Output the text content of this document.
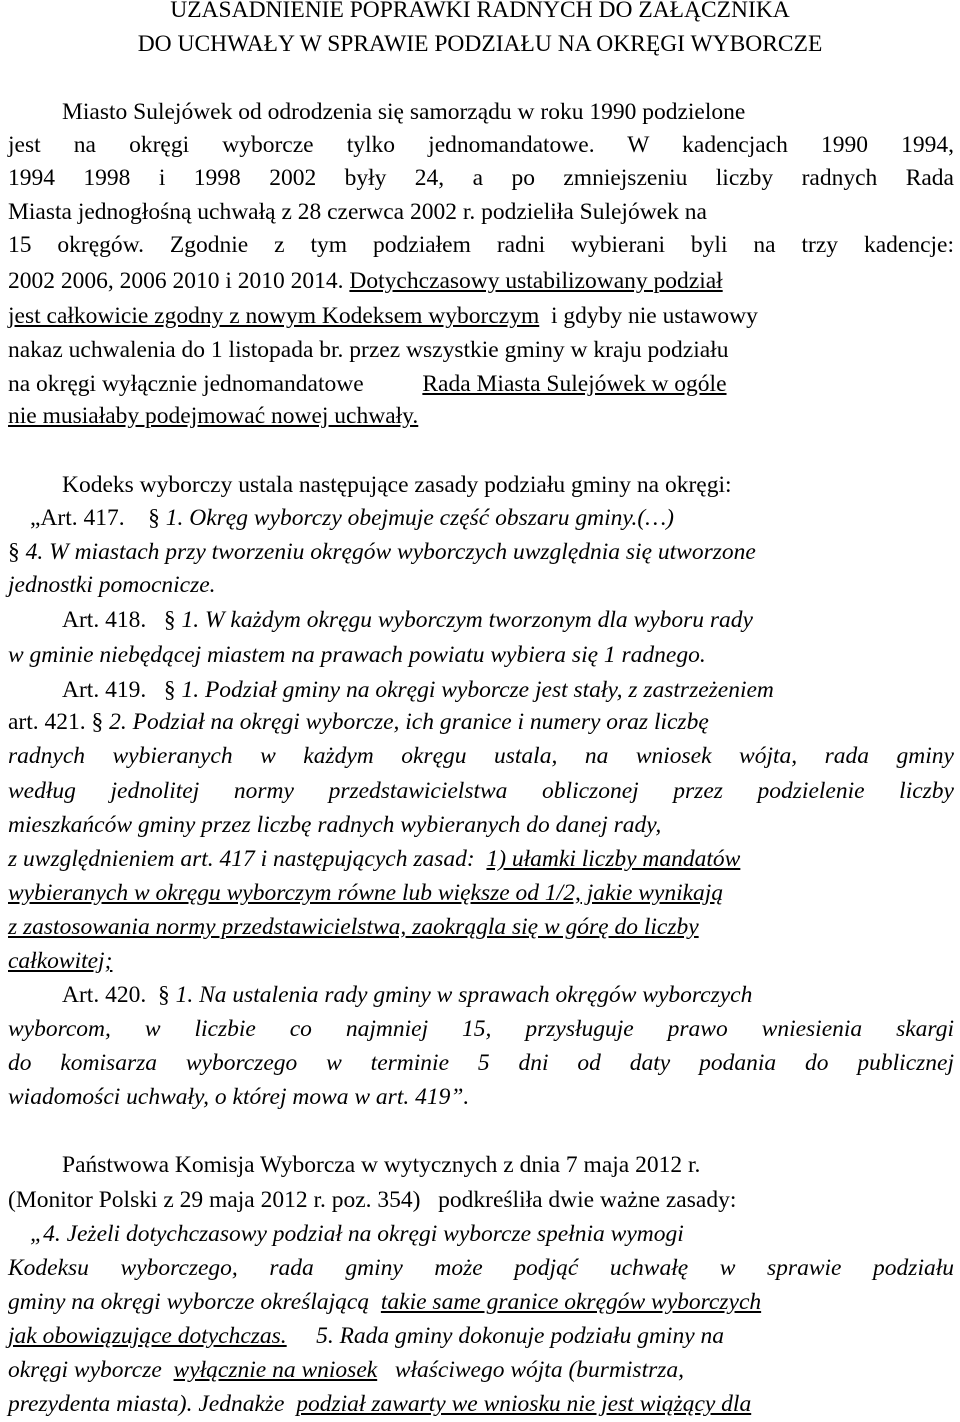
UZASADNIENIE POPRAWKI RADNYCH DO ZAŁĄCZNIKA
DO UCHWAŁY W SPRAWIE PODZIAŁU NA OKRĘGI WYBORCZE
Miasto Sulejówek od odrodzenia się samorządu w roku 1990 podzielone
jest na okręgi wyborcze tylko jednomandatowe. W kadencjach 1990 1994,
1994 1998 i 1998 2002 były 24, a po zmniejszeniu liczby radnych Rada
Miasta jednogłośną uchwałą z 28 czerwca 2002 r. podzieliła Sulejówek na
15 okręgów. Zgodnie z tym podziałem radni wybierani byli na trzy kadencje:
2002 2006, 2006 2010 i 2010 2014. Dotychczasowy ustabilizowany podział
jest całkowicie zgodny z nowym Kodeksem wyborczym i gdyby nie ustawowy
nakaz uchwalenia do 1 listopada br. przez wszystkie gminy w kraju podziału
na okręgi wyłącznie jednomandatowe	Rada Miasta Sulejówek w ogóle
nie musiałaby podejmować nowej uchwały.
Kodeks wyborczy ustala następujące zasady podziału gminy na okręgi:
„Art. 417. § 1. Okręg wyborczy obejmuje część obszaru gminy.(…)
§ 4. W miastach przy tworzeniu okręgów wyborczych uwzględnia się utworzone
jednostki pomocnicze.
Art. 418. § 1. W każdym okręgu wyborczym tworzonym dla wyboru rady
w gminie niebędącej miastem na prawach powiatu wybiera się 1 radnego.
Art. 419. § 1. Podział gminy na okręgi wyborcze jest stały, z zastrzeżeniem
art. 421. § 2. Podział na okręgi wyborcze, ich granice i numery oraz liczbę
radnych wybieranych w każdym okręgu ustala, na wniosek wójta, rada gminy
według jednolitej normy przedstawicielstwa obliczonej przez podzielenie liczby
mieszkańców gminy przez liczbę radnych wybieranych do danej rady,
z uwzględnieniem art. 417 i następujących zasad: 1) ułamki liczby mandatów
wybieranych w okręgu wyborczym równe lub większe od 1/2, jakie wynikają
z zastosowania normy przedstawicielstwa, zaokrągla się w górę do liczby
całkowitej;
Art. 420. § 1. Na ustalenia rady gminy w sprawach okręgów wyborczych
wyborcom, w liczbie co najmniej 15, przysługuje prawo wniesienia skargi
do komisarza wyborczego w terminie 5 dni od daty podania do publicznej
wiadomości uchwały, o której mowa w art. 419”.
Państwowa Komisja Wyborcza w wytycznych z dnia 7 maja 2012 r.
(Monitor Polski z 29 maja 2012 r. poz. 354) podkreśliła dwie ważne zasady:
„4. Jeżeli dotychczasowy podział na okręgi wyborcze spełnia wymogi
Kodeksu wyborczego, rada gminy może podjąć uchwałę w sprawie podziału
gminy na okręgi wyborcze określającą takie same granice okręgów wyborczych
jak obowiązujące dotychczas. 5. Rada gminy dokonuje podziału gminy na
okręgi wyborcze wyłącznie na wniosek właściwego wójta (burmistrza,
prezydenta miasta). Jednakże podział zawarty we wniosku nie jest wiążący dla
